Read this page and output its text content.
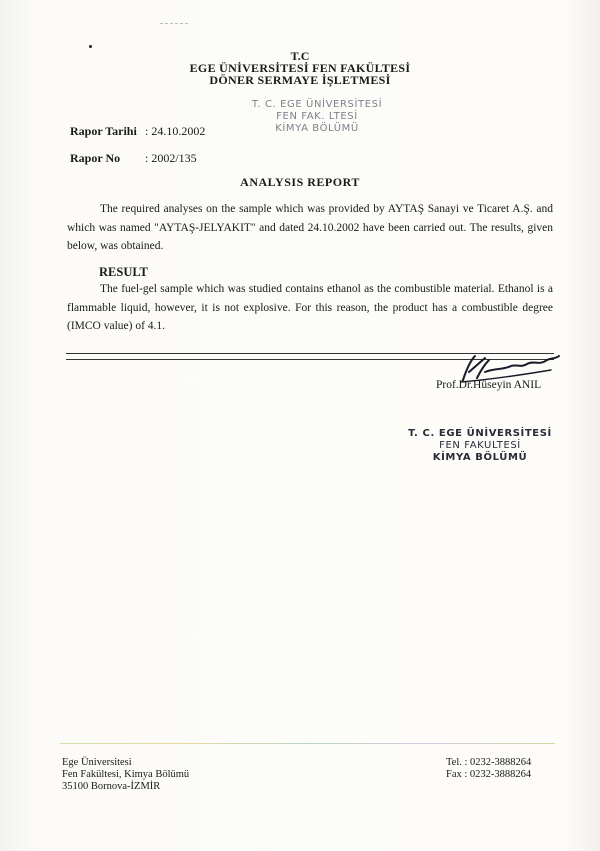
T.C
EGE ÜNİVERSİTESİ FEN FAKÜLTESİ
DÖNER SERMAYE İŞLETMESİ
T. C. EGE ÜNİVERSİTESİ
FEN FAK. LTESİ
KİMYA BÖLÜMÜ
Rapor Tarihi : 24.10.2002
Rapor No : 2002/135
ANALYSIS REPORT
The required analyses on the sample which was provided by AYTAŞ Sanayi ve Ticaret A.Ş. and which was named "AYTAŞ-JELYAKIT" and dated 24.10.2002 have been carried out. The results, given below, was obtained.
RESULT
The fuel-gel sample which was studied contains ethanol as the combustible material. Ethanol is a flammable liquid, however, it is not explosive. For this reason, the product has a combustible degree (IMCO value) of 4.1.
Prof.Dr.Hüseyin ANIL
T. C. EGE ÜNİVERSİTESİ
FEN FAKULTESİ
KİMYA BÖLÜMÜ
Ege Üniversitesi
Fen Fakültesi, Kimya Bölümü
35100 Bornova-İZMİR
Tel. : 0232-3888264
Fax : 0232-3888264
